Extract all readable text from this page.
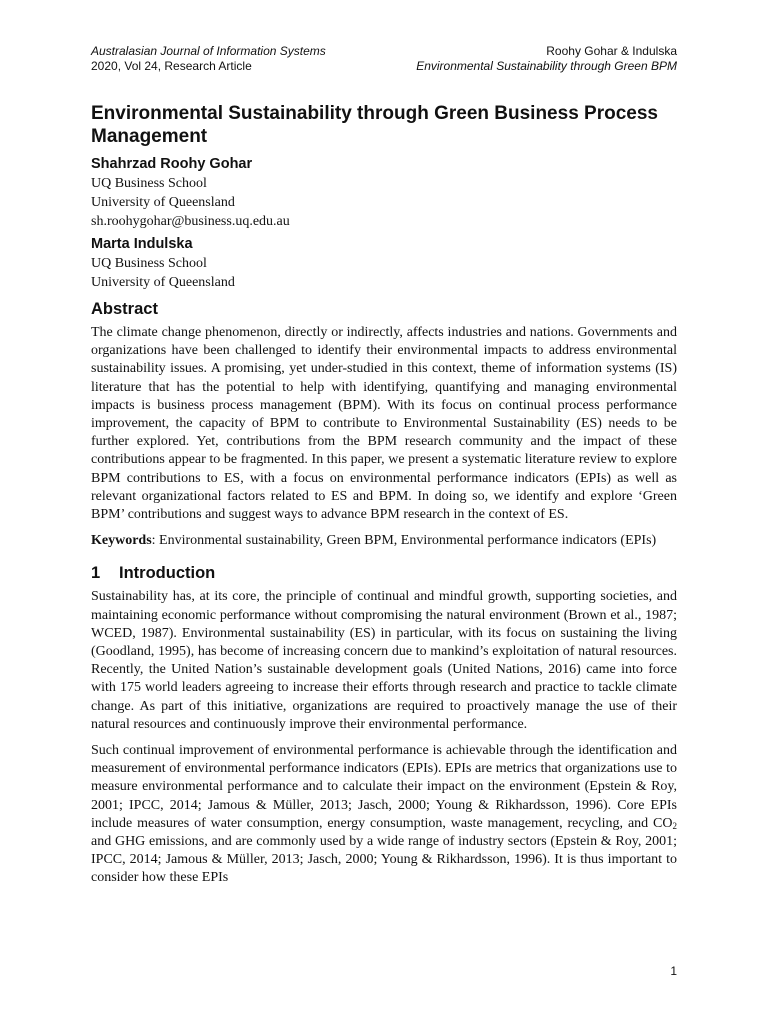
Australasian Journal of Information Systems	Roohy Gohar & Indulska
2020, Vol 24, Research Article	Environmental Sustainability through Green BPM
Environmental Sustainability through Green Business Process Management
Shahrzad Roohy Gohar
UQ Business School
University of Queensland
sh.roohygohar@business.uq.edu.au
Marta Indulska
UQ Business School
University of Queensland
Abstract

The climate change phenomenon, directly or indirectly, affects industries and nations. Governments and organizations have been challenged to identify their environmental impacts to address environmental sustainability issues. A promising, yet under-studied in this context, theme of information systems (IS) literature that has the potential to help with identifying, quantifying and managing environmental impacts is business process management (BPM). With its focus on continual process performance improvement, the capacity of BPM to contribute to Environmental Sustainability (ES) needs to be further explored. Yet, contributions from the BPM research community and the impact of these contributions appear to be fragmented. In this paper, we present a systematic literature review to explore BPM contributions to ES, with a focus on environmental performance indicators (EPIs) as well as relevant organizational factors related to ES and BPM. In doing so, we identify and explore ‘Green BPM’ contributions and suggest ways to advance BPM research in the context of ES.

Keywords: Environmental sustainability, Green BPM, Environmental performance indicators (EPIs)

1 Introduction

Sustainability has, at its core, the principle of continual and mindful growth, supporting societies, and maintaining economic performance without compromising the natural environment (Brown et al., 1987; WCED, 1987). Environmental sustainability (ES) in particular, with its focus on sustaining the living (Goodland, 1995), has become of increasing concern due to mankind’s exploitation of natural resources. Recently, the United Nation’s sustainable development goals (United Nations, 2016) came into force with 175 world leaders agreeing to increase their efforts through research and practice to tackle climate change. As part of this initiative, organizations are required to proactively manage the use of their natural resources and continuously improve their environmental performance.

Such continual improvement of environmental performance is achievable through the identification and measurement of environmental performance indicators (EPIs). EPIs are metrics that organizations use to measure environmental performance and to calculate their impact on the environment (Epstein & Roy, 2001; IPCC, 2014; Jamous & Müller, 2013; Jasch, 2000; Young & Rikhardsson, 1996). Core EPIs include measures of water consumption, energy consumption, waste management, recycling, and $CO_2$ and GHG emissions, and are commonly used by a wide range of industry sectors (Epstein & Roy, 2001; IPCC, 2014; Jamous & Müller, 2013; Jasch, 2000; Young & Rikhardsson, 1996). It is thus important to consider how these EPIs

1
